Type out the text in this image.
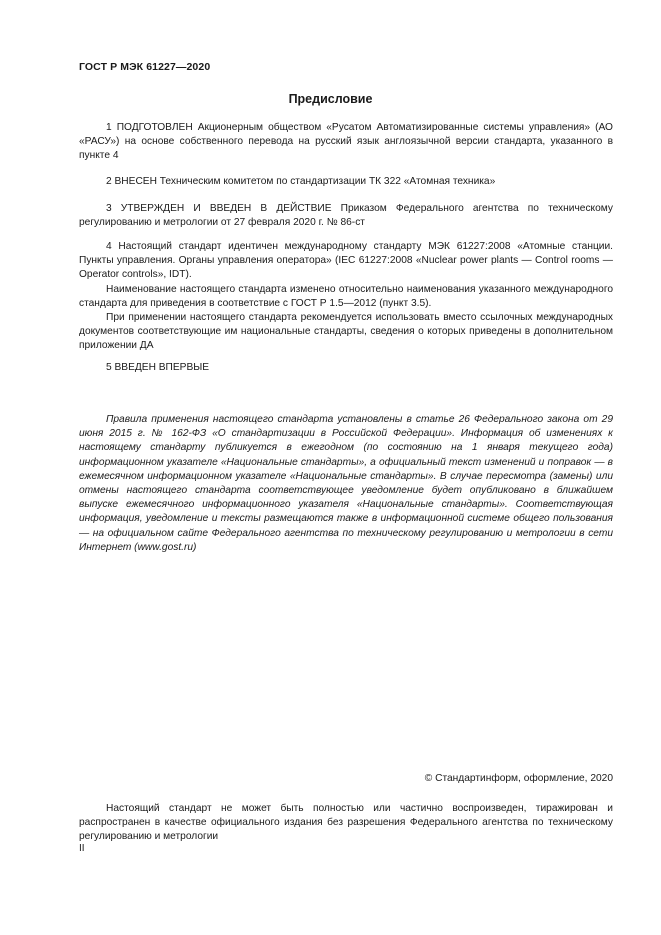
ГОСТ Р МЭК 61227—2020
Предисловие

1 ПОДГОТОВЛЕН Акционерным обществом «Русатом Автоматизированные системы управления» (АО «РАСУ») на основе собственного перевода на русский язык англоязычной версии стандарта, указанного в пункте 4

2 ВНЕСЕН Техническим комитетом по стандартизации ТК 322 «Атомная техника»

3 УТВЕРЖДЕН И ВВЕДЕН В ДЕЙСТВИЕ Приказом Федерального агентства по техническому регулированию и метрологии от 27 февраля 2020 г. № 86-ст

4 Настоящий стандарт идентичен международному стандарту МЭК 61227:2008 «Атомные станции. Пункты управления. Органы управления оператора» (IEC 61227:2008 «Nuclear power plants — Control rooms — Operator controls», IDT).

Наименование настоящего стандарта изменено относительно наименования указанного международного стандарта для приведения в соответствие с ГОСТ Р 1.5—2012 (пункт 3.5).

При применении настоящего стандарта рекомендуется использовать вместо ссылочных международных документов соответствующие им национальные стандарты, сведения о которых приведены в дополнительном приложении ДА

5 ВВЕДЕН ВПЕРВЫЕ

Правила применения настоящего стандарта установлены в статье 26 Федерального закона от 29 июня 2015 г. № 162-ФЗ «О стандартизации в Российской Федерации». Информация об изменениях к настоящему стандарту публикуется в ежегодном (по состоянию на 1 января текущего года) информационном указателе «Национальные стандарты», а официальный текст изменений и поправок — в ежемесячном информационном указателе «Национальные стандарты». В случае пересмотра (замены) или отмены настоящего стандарта соответствующее уведомление будет опубликовано в ближайшем выпуске ежемесячного информационного указателя «Национальные стандарты». Соответствующая информация, уведомление и тексты размещаются также в информационной системе общего пользования — на официальном сайте Федерального агентства по техническому регулированию и метрологии в сети Интернет (www.gost.ru)

© Стандартинформ, оформление, 2020

Настоящий стандарт не может быть полностью или частично воспроизведен, тиражирован и распространен в качестве официального издания без разрешения Федерального агентства по техническому регулированию и метрологии

II
